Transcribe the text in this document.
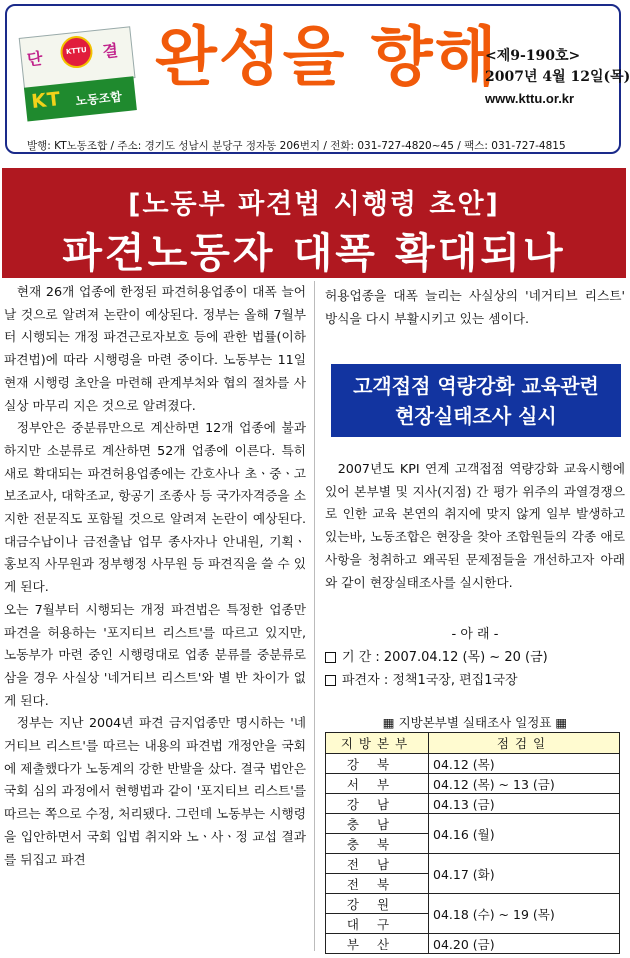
단	결
KTTU
KT 노동조합
완성을 향해
<제9-190호>
2007년 4월 12일(목)
www.kttu.or.kr
발행: KT노동조합 / 주소: 경기도 성남시 분당구 정자동 206번지 / 전화: 031-727-4820~45 / 팩스: 031-727-4815
[노동부 파견법 시행령 초안]
파견노동자 대폭 확대되나

현재 26개 업종에 한정된 파견허용업종이 대폭 늘어날 것으로 알려져 논란이 예상된다. 정부는 올해 7월부터 시행되는 개정 파견근로자보호 등에 관한 법률(이하 파견법)에 따라 시행령을 마련 중이다. 노동부는 11일 현재 시행령 초안을 마련해 관계부처와 협의 절차를 사실상 마무리 지은 것으로 알려졌다.

정부안은 중분류만으로 계산하면 12개 업종에 불과하지만 소분류로 계산하면 52개 업종에 이른다. 특히 새로 확대되는 파견허용업종에는 간호사나 초ㆍ중ㆍ고 보조교사, 대학조교, 항공기 조종사 등 국가자격증을 소지한 전문직도 포함될 것으로 알려져 논란이 예상된다. 대금수납이나 금전출납 업무 종사자나 안내원, 기획ㆍ홍보직 사무원과 정부행정 사무원 등 파견직을 쓸 수 있게 된다.

오는 7월부터 시행되는 개정 파견법은 특정한 업종만 파견을 허용하는 '포지티브 리스트'를 따르고 있지만, 노동부가 마련 중인 시행령대로 업종 분류를 중분류로 삼을 경우 사실상 '네거티브 리스트'와 별 반 차이가 없게 된다.

정부는 지난 2004년 파견 금지업종만 명시하는 '네거티브 리스트'를 따르는 내용의 파견법 개정안을 국회에 제출했다가 노동계의 강한 반발을 샀다. 결국 법안은 국회 심의 과정에서 현행법과 같이 '포지티브 리스트'를 따르는 쪽으로 수정, 처리됐다. 그런데 노동부는 시행령을 입안하면서 국회 입법 취지와 노ㆍ사ㆍ정 교섭 결과를 뒤집고 파견

허용업종을 대폭 늘리는 사실상의 '네거티브 리스트' 방식을 다시 부활시키고 있는 셈이다.

고객접점 역량강화 교육관련
현장실태조사 실시

2007년도 KPI 연계 고객접점 역량강화 교육시행에 있어 본부별 및 지사(지점) 간 평가 위주의 과열경쟁으로 인한 교육 본연의 취지에 맞지 않게 일부 발생하고 있는바, 노동조합은 현장을 찾아 조합원들의 각종 애로사항을 청취하고 왜곡된 문제점들을 개선하고자 아래와 같이 현장실태조사를 실시한다.

- 아 래 -
기 간 : 2007.04.12 (목) ~ 20 (금)
파견자 : 정책1국장, 편집1국장
▦ 지방본부별 실태조사 일정표 ▦
지방본부	점검일
강북	04.12 (목)
서부	04.12 (목) ~ 13 (금)
강남	04.13 (금)
충남	04.16 (월)
충북	
전남	04.17 (화)
전북	
강원	04.18 (수) ~ 19 (목)
대구	
부산	04.20 (금)
